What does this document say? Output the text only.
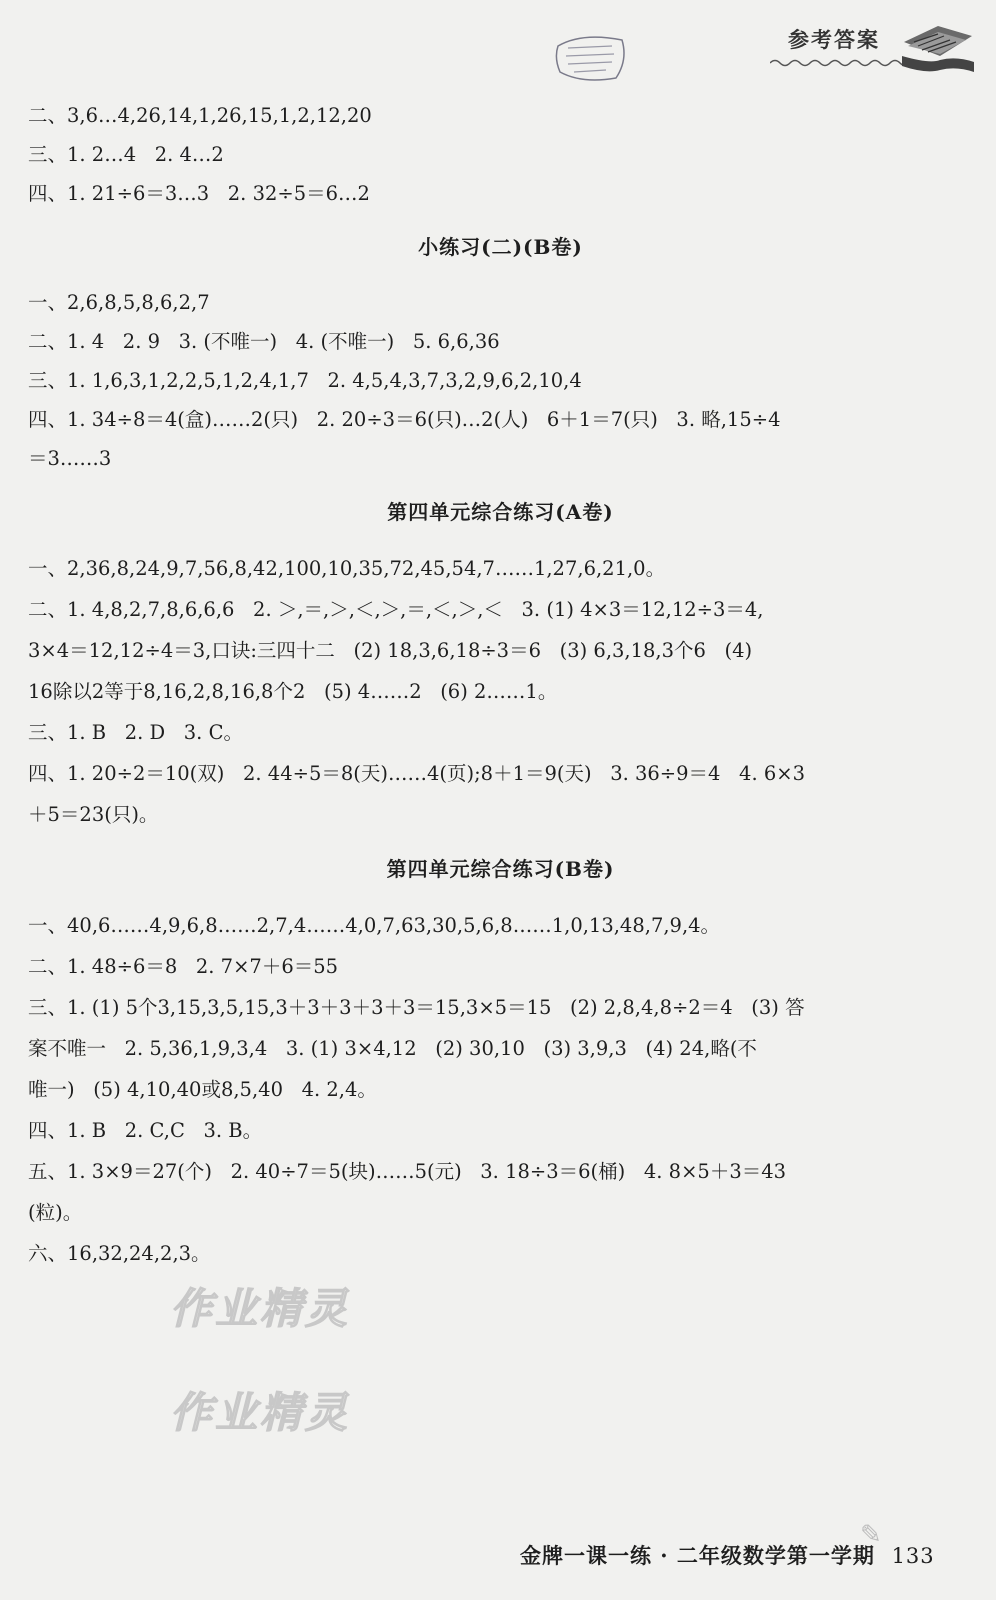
参考答案

二、3,6…4,26,14,1,26,15,1,2,12,20

三、1. 2…4   2. 4…2

四、1. 21÷6＝3…3   2. 32÷5＝6…2

小练习(二)(B卷)

一、2,6,8,5,8,6,2,7

二、1. 4   2. 9   3. (不唯一)   4. (不唯一)   5. 6,6,36

三、1. 1,6,3,1,2,2,5,1,2,4,1,7   2. 4,5,4,3,7,3,2,9,6,2,10,4

四、1. 34÷8＝4(盒)……2(只)   2. 20÷3＝6(只)…2(人)   6＋1＝7(只)   3. 略,15÷4

＝3……3

第四单元综合练习(A卷)

一、2,36,8,24,9,7,56,8,42,100,10,35,72,45,54,7……1,27,6,21,0。

二、1. 4,8,2,7,8,6,6,6   2. ＞,＝,＞,＜,＞,＝,＜,＞,＜   3. (1) 4×3＝12,12÷3＝4,

3×4＝12,12÷4＝3,口诀:三四十二   (2) 18,3,6,18÷3＝6   (3) 6,3,18,3个6   (4)

16除以2等于8,16,2,8,16,8个2   (5) 4……2   (6) 2……1。

三、1. B   2. D   3. C。

四、1. 20÷2＝10(双)   2. 44÷5＝8(天)……4(页);8＋1＝9(天)   3. 36÷9＝4   4. 6×3

＋5＝23(只)。

第四单元综合练习(B卷)

一、40,6……4,9,6,8……2,7,4……4,0,7,63,30,5,6,8……1,0,13,48,7,9,4。

二、1. 48÷6＝8   2. 7×7＋6＝55

三、1. (1) 5个3,15,3,5,15,3＋3＋3＋3＋3＝15,3×5＝15   (2) 2,8,4,8÷2＝4   (3) 答

案不唯一   2. 5,36,1,9,3,4   3. (1) 3×4,12   (2) 30,10   (3) 3,9,3   (4) 24,略(不

唯一)   (5) 4,10,40或8,5,40   4. 2,4。

四、1. B   2. C,C   3. B。

五、1. 3×9＝27(个)   2. 40÷7＝5(块)……5(元)   3. 18÷3＝6(桶)   4. 8×5＋3＝43

(粒)。

六、16,32,24,2,3。

作业精灵
作业精灵
金牌一课一练 · 二年级数学第一学期 133
✎
